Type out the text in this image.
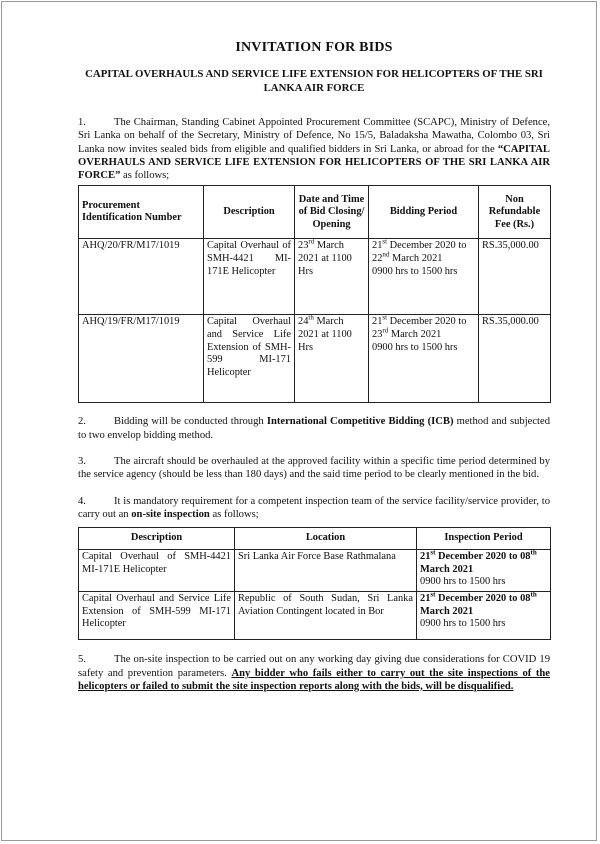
INVITATION FOR BIDS
CAPITAL OVERHAULS AND SERVICE LIFE EXTENSION FOR HELICOPTERS OF THE SRI LANKA AIR FORCE

1.	The Chairman, Standing Cabinet Appointed Procurement Committee (SCAPC), Ministry of Defence, Sri Lanka on behalf of the Secretary, Ministry of Defence, No 15/5, Baladaksha Mawatha, Colombo 03, Sri Lanka now invites sealed bids from eligible and qualified bidders in Sri Lanka, or abroad for the “CAPITAL OVERHAULS AND SERVICE LIFE EXTENSION FOR HELICOPTERS OF THE SRI LANKA AIR FORCE” as follows;

Procurement Identification Number	Description	Date and Time of Bid Closing/ Opening	Bidding Period	Non Refundable Fee (Rs.)
AHQ/20/FR/M17/1019	Capital Overhaul of SMH-4421 MI-171E Helicopter	23rd March 2021 at 1100 Hrs	21st December 2020 to 22nd March 2021
0900 hrs to 1500 hrs	RS.35,000.00
AHQ/19/FR/M17/1019	Capital Overhaul and Service Life Extension of SMH-599 MI-171 Helicopter	24th March 2021 at 1100 Hrs	21st December 2020 to 23rd March 2021
0900 hrs to 1500 hrs	RS.35,000.00

2.	Bidding will be conducted through International Competitive Bidding (ICB) method and subjected to two envelop bidding method.

3.	The aircraft should be overhauled at the approved facility within a specific time period determined by the service agency (should be less than 180 days) and the said time period to be clearly mentioned in the bid.

4.	It is mandatory requirement for a competent inspection team of the service facility/service provider, to carry out an on-site inspection as follows;

Description	Location	Inspection Period
Capital Overhaul of SMH-4421 MI-171E Helicopter	Sri Lanka Air Force Base Rathmalana	21st December 2020 to 08th March 2021
0900 hrs to 1500 hrs
Capital Overhaul and Service Life Extension of SMH-599 MI-171 Helicopter	Republic of South Sudan, Sri Lanka Aviation Contingent located in Bor	21st December 2020 to 08th March 2021
0900 hrs to 1500 hrs

5.	The on-site inspection to be carried out on any working day giving due considerations for COVID 19 safety and prevention parameters. Any bidder who fails either to carry out the site inspections of the helicopters or failed to submit the site inspection reports along with the bids, will be disqualified.
